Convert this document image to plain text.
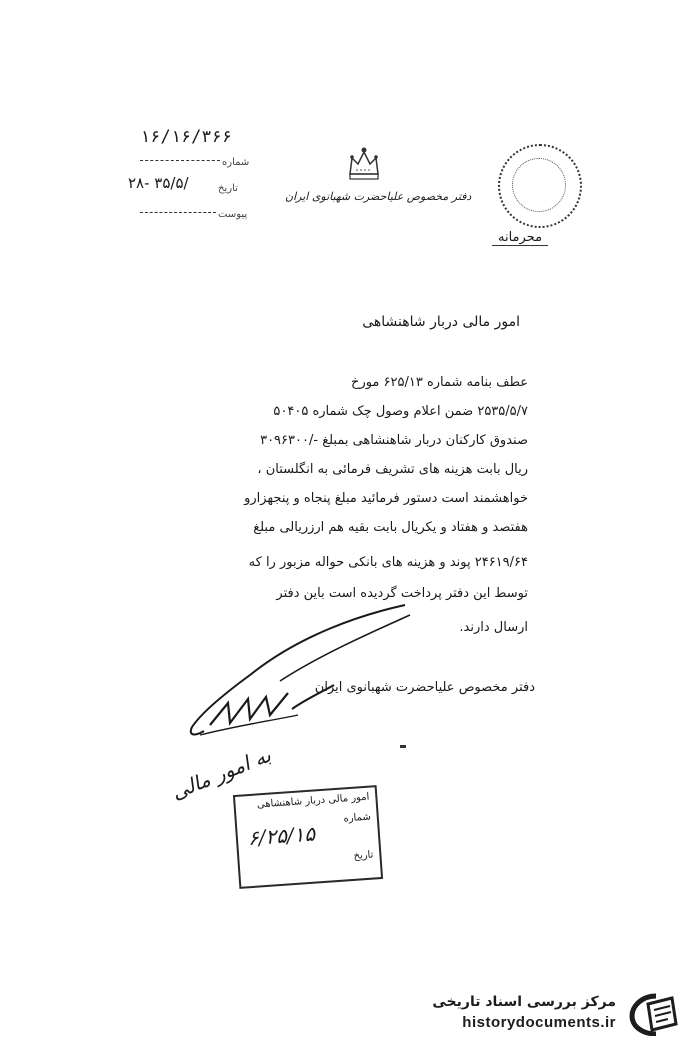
۱۶/۱۶/۳۶۶
شماره
تاریخ
۲۸- ۳۵/۵/
پیوست
دفتر مخصوص علیاحضرت شهبانوی ایران
محرمانه
امور مالی دربار شاهنشاهی
عطف بنامه شماره ۶۲۵/۱۳ مورخ
۲۵۳۵/۵/۷ ضمن اعلام وصول چک شماره ۵۰۴۰۵
صندوق کارکنان دربار شاهنشاهی بمبلغ -/۳۰۹۶۳۰۰
ریال بابت هزینه های تشریف فرمائی به انگلستان ،
خواهشمند است دستور فرمائید مبلغ پنجاه و پنجهزارو
هفتصد و هفتاد و یکریال بابت بقیه هم ارزریالی مبلغ
۲۴۶۱۹/۶۴ پوند و هزینه های بانکی حواله مزبور را که
توسط این دفتر پرداخت گردیده است باین دفتر
ارسال دارند.
دفتر مخصوص علیاحضرت شهبانوی ایران
به امور مالی
امور مالی دربار شاهنشاهی
شماره
۶/۲۵/۱۵
تاریخ
مرکز بررسی اسناد تاریخی
historydocuments.ir
